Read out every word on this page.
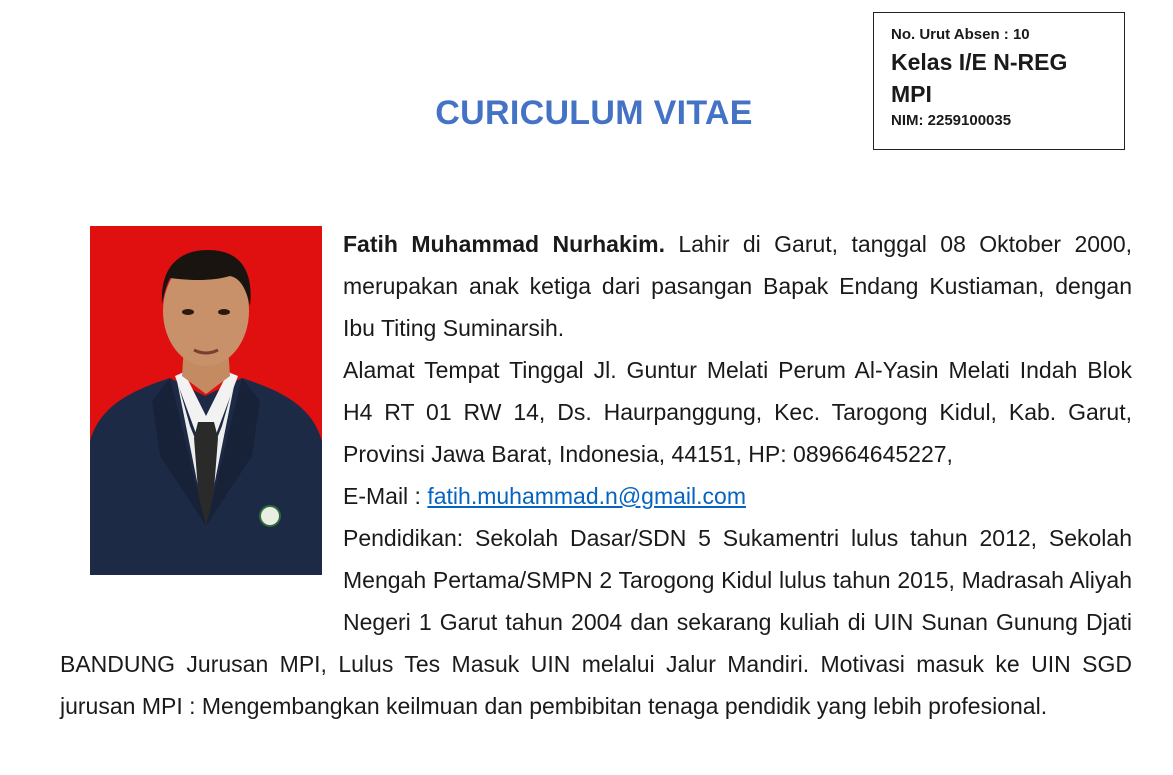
No. Urut Absen : 10
Kelas I/E N-REG MPI
NIM: 2259100035
CURICULUM VITAE
Fatih Muhammad Nurhakim. Lahir di Garut, tanggal 08 Oktober 2000, merupakan anak ketiga dari pasangan Bapak Endang Kustiaman, dengan Ibu Titing Suminarsih.
Alamat Tempat Tinggal Jl. Guntur Melati Perum Al-Yasin Melati Indah Blok H4 RT 01 RW 14, Ds. Haurpanggung, Kec. Tarogong Kidul, Kab. Garut, Provinsi Jawa Barat, Indonesia, 44151, HP: 089664645227,
E-Mail : fatih.muhammad.n@gmail.com
Pendidikan: Sekolah Dasar/SDN 5 Sukamentri lulus tahun 2012, Sekolah Mengah Pertama/SMPN 2 Tarogong Kidul lulus tahun 2015, Madrasah Aliyah Negeri 1 Garut tahun 2004 dan sekarang kuliah di UIN Sunan Gunung Djati BANDUNG Jurusan MPI, Lulus Tes Masuk UIN melalui Jalur Mandiri. Motivasi masuk ke UIN SGD jurusan MPI : Mengembangkan keilmuan dan pembibitan tenaga pendidik yang lebih profesional.
